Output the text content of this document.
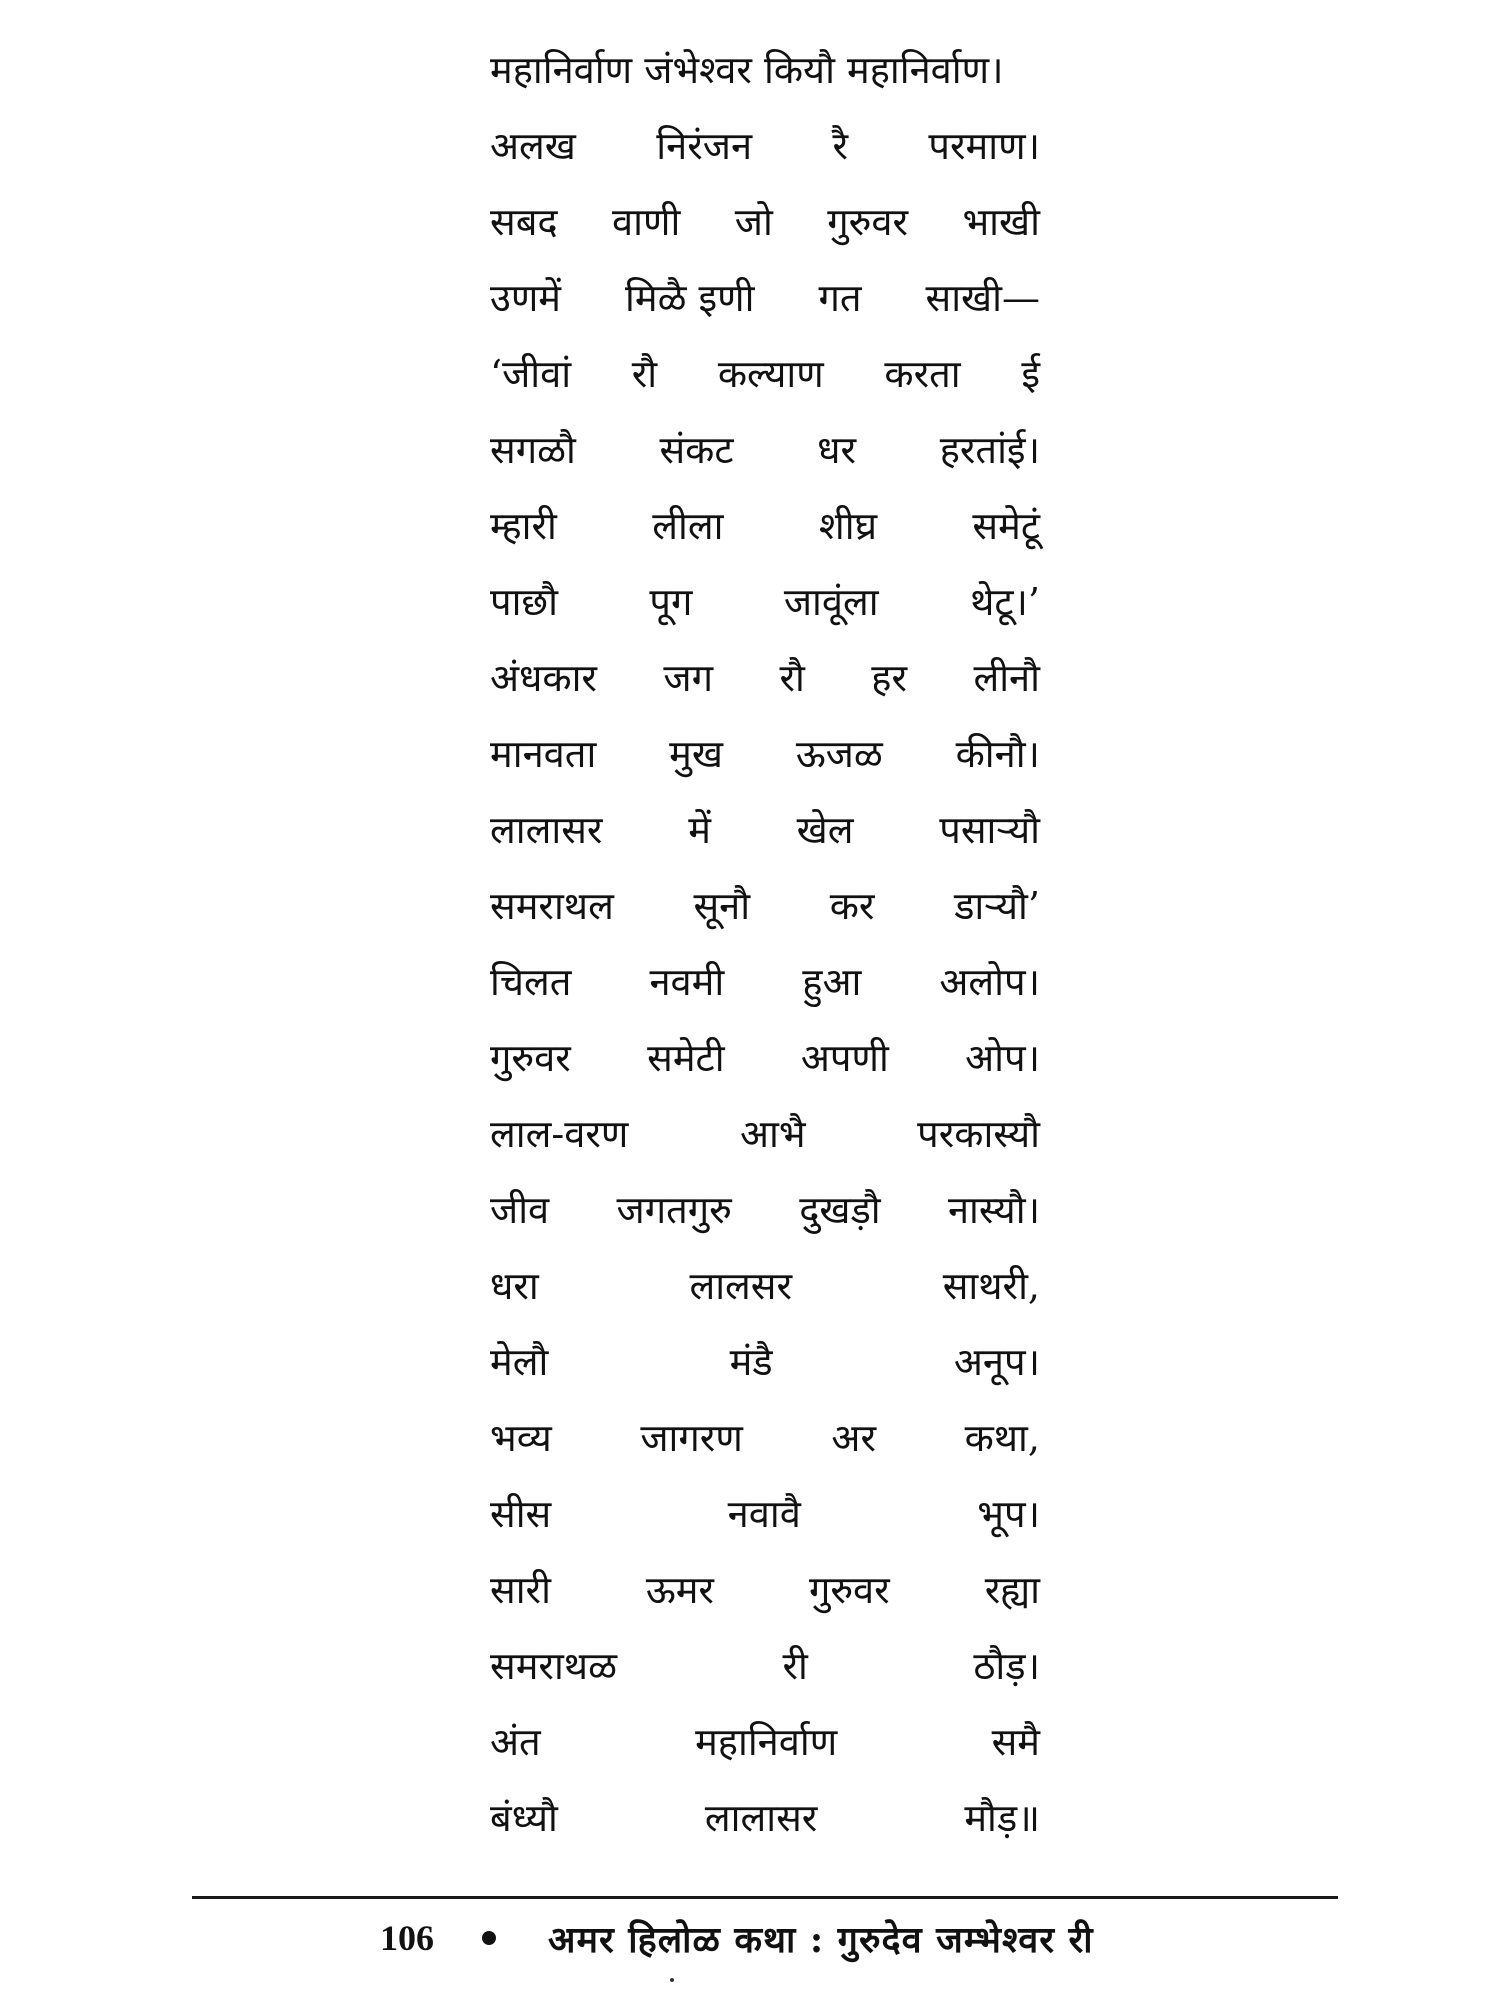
महानिर्वाण जंभेश्वर कियौ महानिर्वाण।
अलख निरंजन रै परमाण।
सबद वाणी जो गुरुवर भाखी
उणमें मिळै इणी गत साखी—
‘जीवां रौ कल्याण करता ई
सगळौ संकट धर हरतांई।
म्हारी	लीला	शीघ्र	समेटूं
पाछौ पूग जावूंला थेटू।’
अंधकार जग रौ हर लीनौ
मानवता मुख ऊजळ कीनौ।
लालासर में खेल पसार्‍यौ
समराथल सूनौ कर डार्‍यौ’
चिलत नवमी हुआ अलोप।
गुरुवर समेटी अपणी ओप।
लाल-वरण	आभै	परकास्यौ
जीव जगतगुरु दुखड़ौ नास्यौ।
धरा	लालसर	साथरी,
मेलौ	मंडै	अनूप।
भव्य जागरण अर कथा,
सीस	नवावै	भूप।
सारी ऊमर गुरुवर रह्या
समराथळ	री	ठौड़।
अंत	महानिर्वाण	समै
बंध्यौ	लालासर	मौड़॥
106	अमर हिलोळ कथा : गुरुदेव जम्भेश्वर री
